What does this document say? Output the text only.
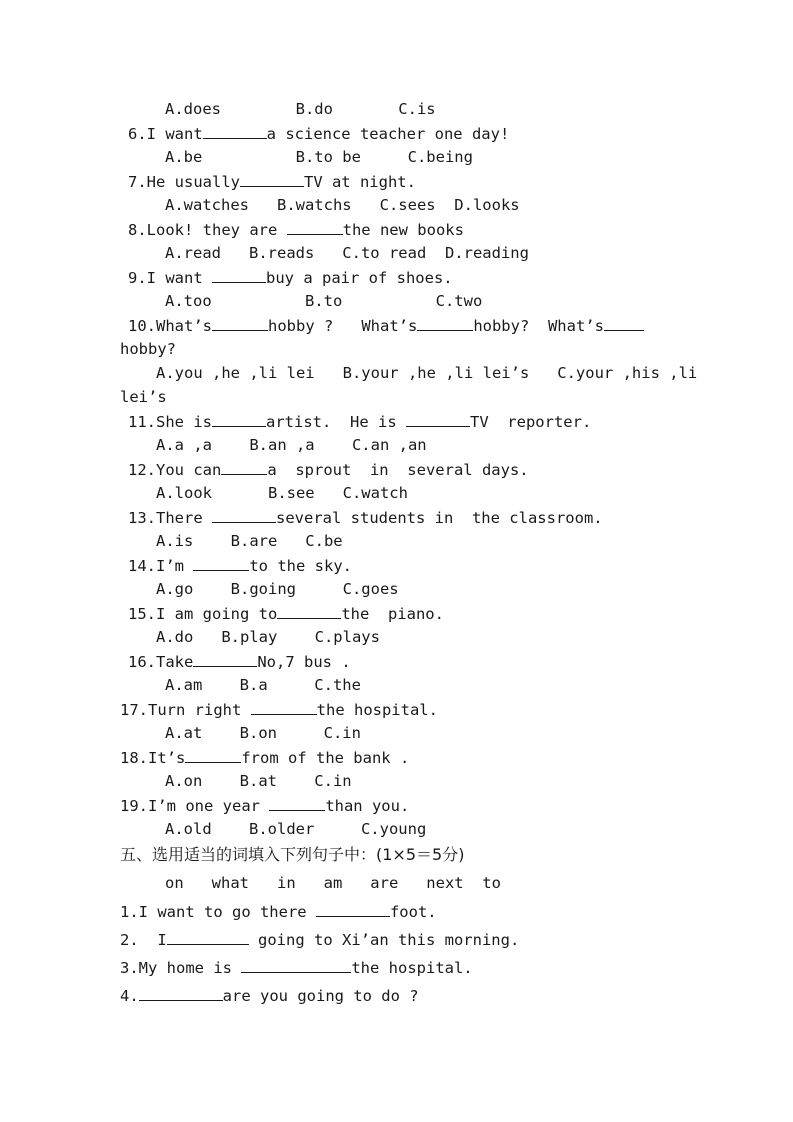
A.does        B.do       C.is
6.I want	a science teacher one day!
A.be          B.to be     C.being
7.He usually	TV at night.
A.watches   B.watchs   C.sees  D.looks
8.Look! they are	the new books
A.read   B.reads   C.to read  D.reading
9.I want	buy a pair of shoes.
A.too          B.to          C.two
10.What’s	hobby ?   What’s	hobby?  What’s
hobby?
A.you ,he ,li lei   B.your ,he ,li lei’s   C.your ,his ,li
lei’s
11.She is	artist.  He is	TV  reporter.
A.a ,a    B.an ,a    C.an ,an
12.You can	a  sprout  in  several days.
A.look      B.see   C.watch
13.There	several students in  the classroom.
A.is    B.are   C.be
14.I’m	to the sky.
A.go    B.going     C.goes
15.I am going to	the  piano.
A.do   B.play    C.plays
16.Take	No,7 bus .
A.am    B.a     C.the
17.Turn right	the hospital.
A.at    B.on     C.in
18.It’s	from of the bank .
A.on    B.at    C.in
19.I’m one year	than you.
A.old    B.older     C.young
五、选用适当的词填入下列句子中：(1×5＝5分)
on   what   in   am   are   next  to
1.I want to go there	foot.
2.  I	going to Xi’an this morning.
3.My home is	the hospital.
4.	are you going to do ?
